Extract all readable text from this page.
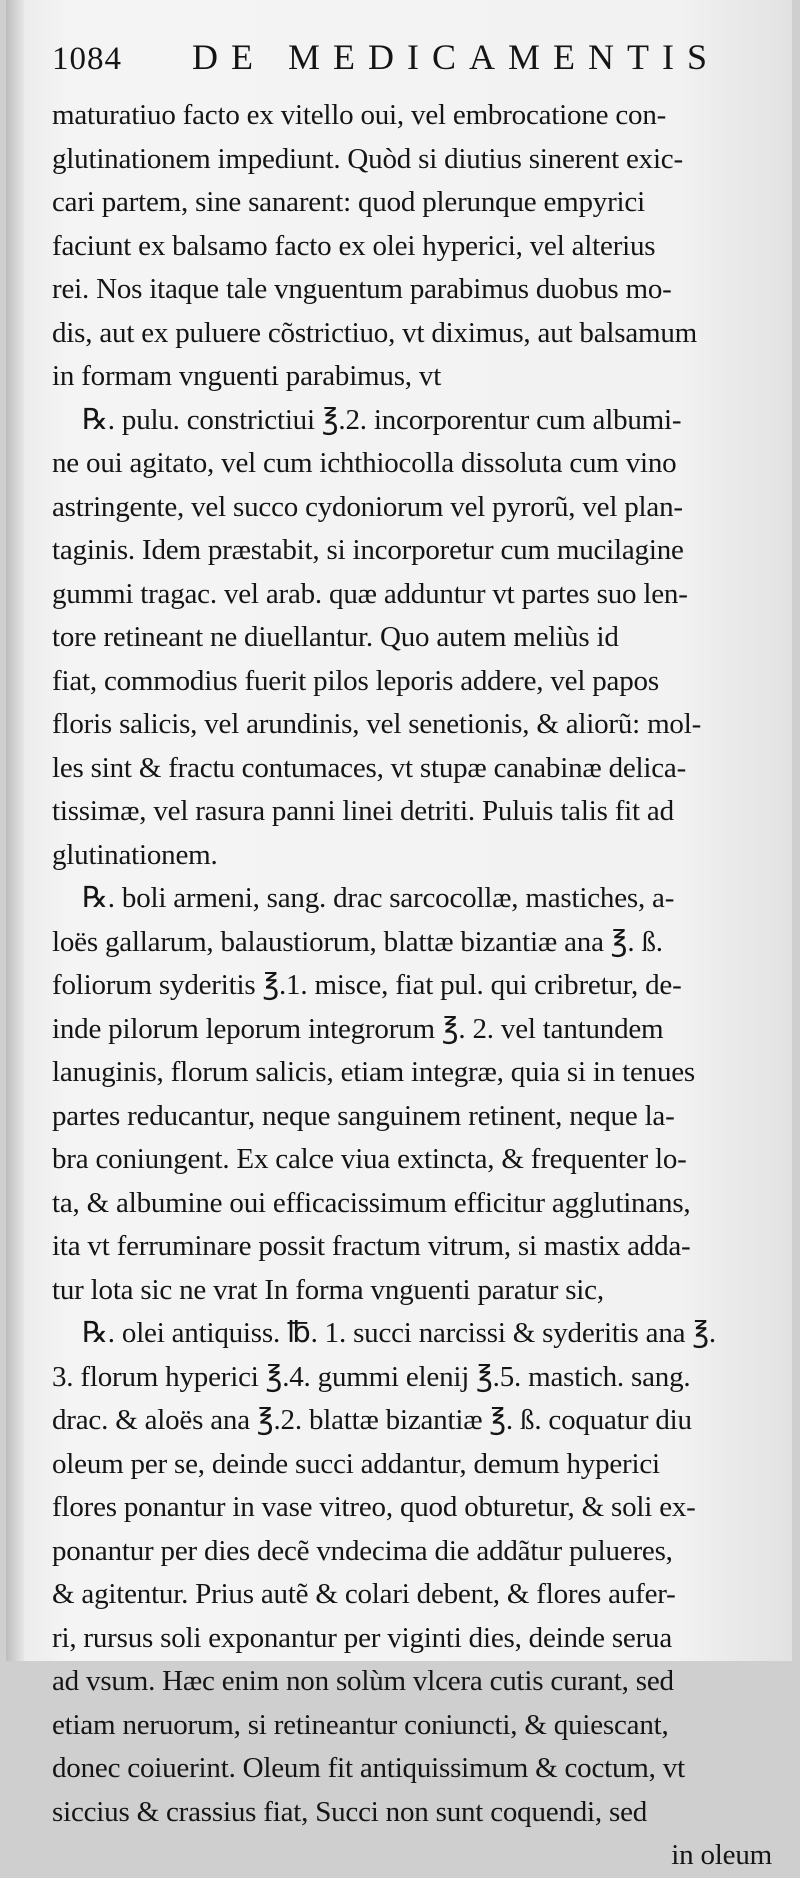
1084	DE MEDICAMENTIS
maturatiuo facto ex vitello oui, vel embrocatione con-
glutinationem impediunt. Quòd si diutius sinerent exic-
cari partem, sine sanarent: quod plerunque empyrici
faciunt ex balsamo facto ex olei hyperici, vel alterius
rei. Nos itaque tale vnguentum parabimus duobus mo-
dis, aut ex puluere cõstrictiuo, vt diximus, aut balsamum
in formam vnguenti parabimus, vt
℞. pulu. constrictiui ℥.2. incorporentur cum albumi-
ne oui agitato, vel cum ichthiocolla dissoluta cum vino
astringente, vel succo cydoniorum vel pyrorũ, vel plan-
taginis. Idem præstabit, si incorporetur cum mucilagine
gummi tragac. vel arab. quæ adduntur vt partes suo len-
tore retineant ne diuellantur. Quo autem meliùs id
fiat, commodius fuerit pilos leporis addere, vel papos
floris salicis, vel arundinis, vel senetionis, & aliorũ: mol-
les sint & fractu contumaces, vt stupæ canabinæ delica-
tissimæ, vel rasura panni linei detriti. Puluis talis fit ad
glutinationem.
℞. boli armeni, sang. drac sarcocollæ, mastiches, a-
loës gallarum, balaustiorum, blattæ bizantiæ ana ℥. ß.
foliorum syderitis ℥.1. misce, fiat pul. qui cribretur, de-
inde pilorum leporum integrorum ℥. 2. vel tantundem
lanuginis, florum salicis, etiam integræ, quia si in tenues
partes reducantur, neque sanguinem retinent, neque la-
bra coniungent. Ex calce viua extincta, & frequenter lo-
ta, & albumine oui efficacissimum efficitur agglutinans,
ita vt ferruminare possit fractum vitrum, si mastix adda-
tur lota sic ne vrat In forma vnguenti paratur sic,
℞. olei antiquiss. ℔. 1. succi narcissi & syderitis ana ℥.
3. florum hyperici ℥.4. gummi elenij ℥.5. mastich. sang.
drac. & aloës ana ℥.2. blattæ bizantiæ ℥. ß. coquatur diu
oleum per se, deinde succi addantur, demum hyperici
flores ponantur in vase vitreo, quod obturetur, & soli ex-
ponantur per dies decẽ vndecima die addãtur pulueres,
& agitentur. Prius autẽ & colari debent, & flores aufer-
ri, rursus soli exponantur per viginti dies, deinde serua
ad vsum. Hæc enim non solùm vlcera cutis curant, sed
etiam neruorum, si retineantur coniuncti, & quiescant,
donec coiuerint. Oleum fit antiquissimum & coctum, vt
siccius & crassius fiat, Succi non sunt coquendi, sed
in oleum
